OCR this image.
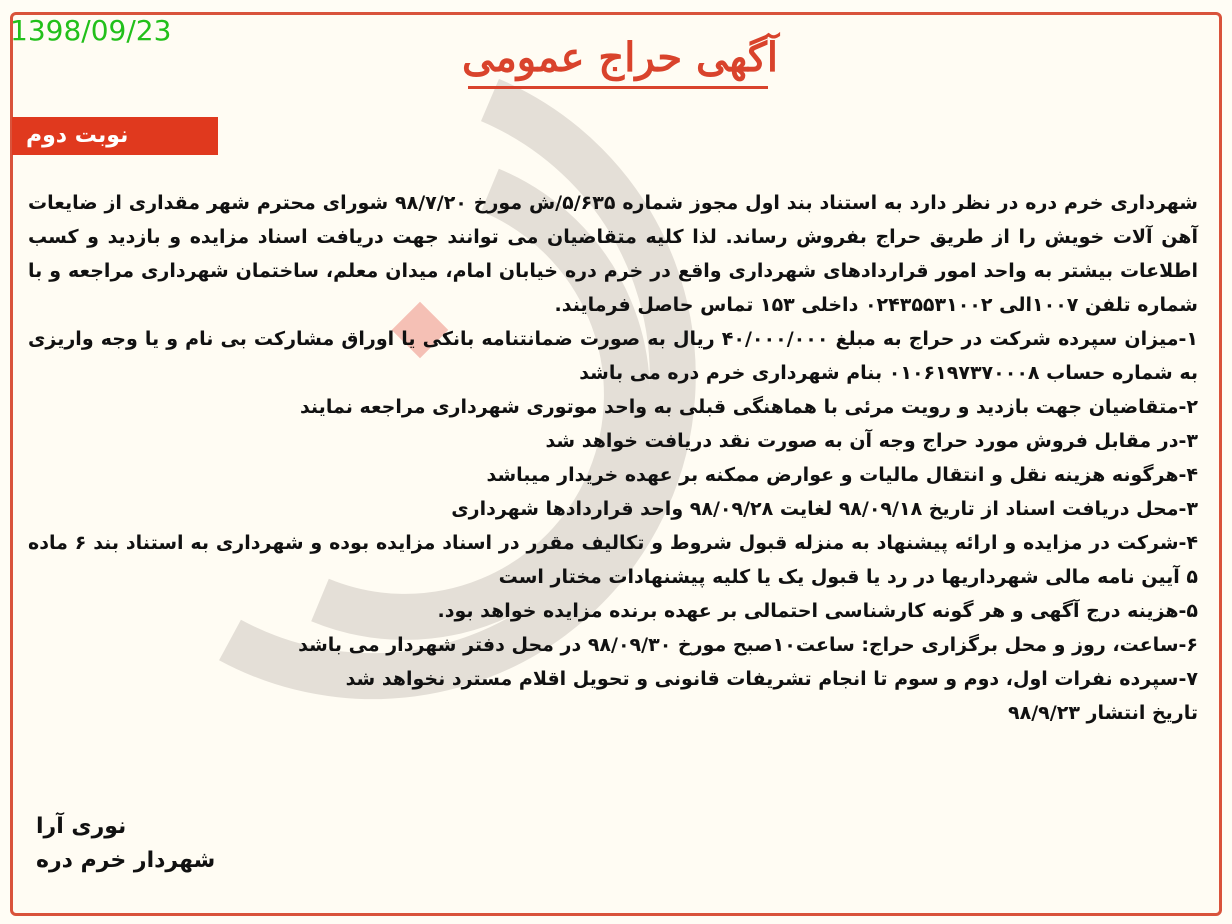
1398/09/23
آگهی حراج عمومی
نوبت دوم

شهرداری خرم دره در نظر دارد به استناد بند اول مجوز شماره ۵/۶۳۵/ش مورخ ۹۸/۷/۲۰ شورای محترم شهر مقداری از ضایعات آهن آلات خویش را از طریق حراج بفروش رساند. لذا کلیه متقاضیان می توانند جهت دریافت اسناد مزایده و بازدید و کسب اطلاعات بیشتر به واحد امور قراردادهای شهرداری واقع در خرم دره خیابان امام، میدان معلم، ساختمان شهرداری مراجعه و با شماره تلفن ۱۰۰۷الی ۰۲۴۳۵۵۳۱۰۰۲ داخلی ۱۵۳ تماس حاصل فرمایند.

۱-میزان سپرده شرکت در حراج به مبلغ ۴۰/۰۰۰/۰۰۰ ریال به صورت ضمانتنامه بانکی یا اوراق مشارکت بی نام و یا وجه واریزی به شماره حساب ۰۱۰۶۱۹۷۳۷۰۰۰۸ بنام شهرداری خرم دره می باشد

۲-متقاضیان جهت بازدید و رویت مرئی با هماهنگی قبلی به واحد موتوری شهرداری مراجعه نمایند

۳-در مقابل فروش مورد حراج وجه آن به صورت نقد دریافت خواهد شد

۴-هرگونه هزینه نقل و انتقال مالیات و عوارض ممکنه بر عهده خریدار میباشد

۳-محل دریافت اسناد از تاریخ ۹۸/۰۹/۱۸ لغایت ۹۸/۰۹/۲۸ واحد قراردادها شهرداری

۴-شرکت در مزایده و ارائه پیشنهاد به منزله قبول شروط و تکالیف مقرر در اسناد مزایده بوده و شهرداری به استناد بند ۶ ماده ۵ آیین نامه مالی شهرداریها در رد یا قبول یک یا کلیه پیشنهادات مختار است

۵-هزینه درج آگهی و هر گونه کارشناسی احتمالی بر عهده برنده مزایده خواهد بود.

۶-ساعت، روز و محل برگزاری حراج: ساعت۱۰صبح مورخ ۹۸/۰۹/۳۰ در محل دفتر شهردار می باشد

۷-سپرده نفرات اول، دوم و سوم تا انجام تشریفات قانونی و تحویل اقلام مسترد نخواهد شد

تاریخ انتشار ۹۸/۹/۲۳

نوری آرا
شهردار خرم دره
